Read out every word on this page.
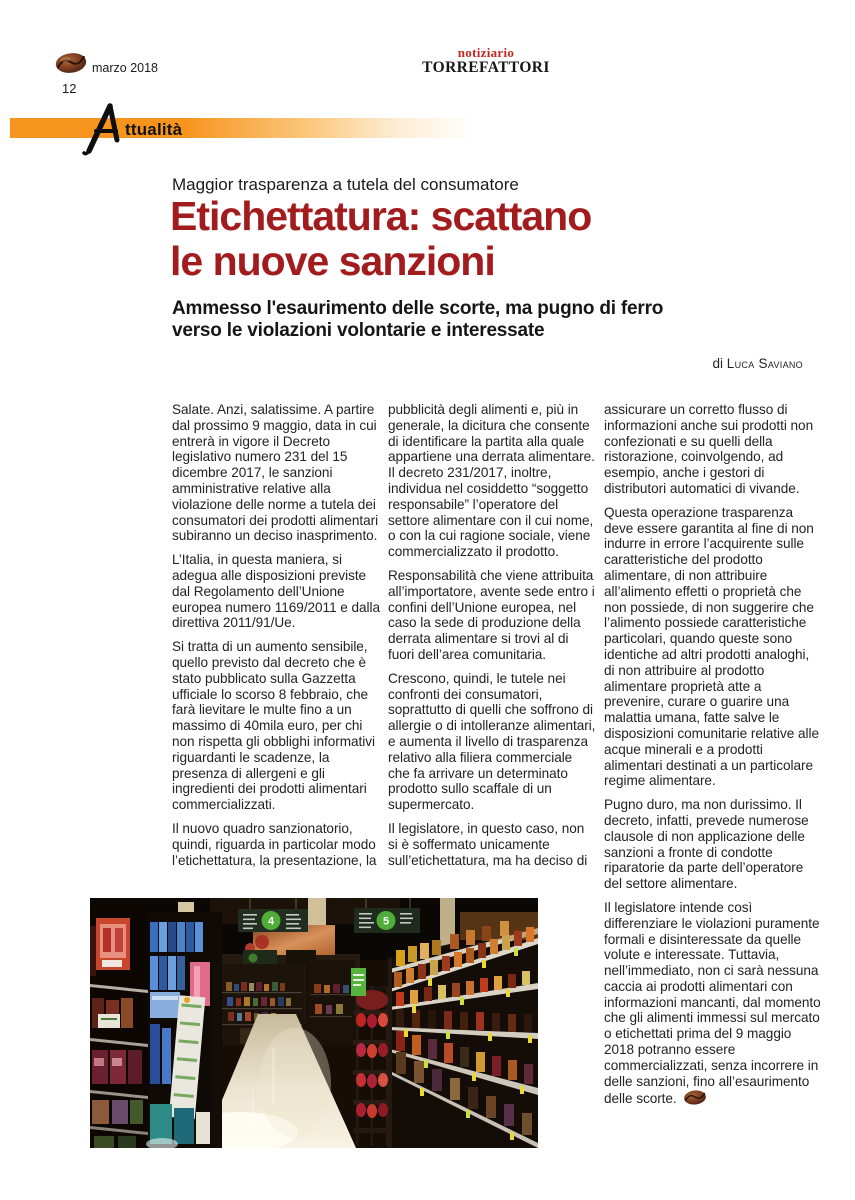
marzo 2018
12
notiziario
TORREFATTORI
ttualità
Maggior trasparenza a tutela del consumatore
Etichettatura: scattano
le nuove sanzioni
Ammesso l'esaurimento delle scorte, ma pugno di ferro
verso le violazioni volontarie e interessate
di Luca Saviano

Salate. Anzi, salatissime. A partire dal prossimo 9 maggio, data in cui entrerà in vigore il Decreto legislativo numero 231 del 15 dicembre 2017, le sanzioni amministrative relative alla violazione delle norme a tutela dei consumatori dei prodotti alimentari subiranno un deciso inasprimento.

L’Italia, in questa maniera, si adegua alle disposizioni previste dal Regolamento dell’Unione europea numero 1169/2011 e dalla direttiva 2011/91/Ue.

Si tratta di un aumento sensibile, quello previsto dal decreto che è stato pubblicato sulla Gazzetta ufficiale lo scorso 8 febbraio, che farà lievitare le multe fino a un massimo di 40mila euro, per chi non rispetta gli obblighi informativi riguardanti le scadenze, la presenza di allergeni e gli ingredienti dei prodotti alimentari commercializzati.

Il nuovo quadro sanzionatorio, quindi, riguarda in particolar modo l’etichettatura, la presentazione, la

pubblicità degli alimenti e, più in generale, la dicitura che consente di identificare la partita alla quale appartiene una derrata alimentare. Il decreto 231/2017, inoltre, individua nel cosiddetto “soggetto responsabile” l’operatore del settore alimentare con il cui nome, o con la cui ragione sociale, viene commercializzato il prodotto.

Responsabilità che viene attribuita all’importatore, avente sede entro i confini dell’Unione europea, nel caso la sede di produzione della derrata alimentare si trovi al di fuori dell’area comunitaria.

Crescono, quindi, le tutele nei confronti dei consumatori, soprattutto di quelli che soffrono di allergie o di intolleranze alimentari, e aumenta il livello di trasparenza relativo alla filiera commerciale che fa arrivare un determinato prodotto sullo scaffale di un supermercato.

Il legislatore, in questo caso, non si è soffermato unicamente sull’etichettatura, ma ha deciso di

assicurare un corretto flusso di informazioni anche sui prodotti non confezionati e su quelli della ristorazione, coinvolgendo, ad esempio, anche i gestori di distributori automatici di vivande.

Questa operazione trasparenza deve essere garantita al fine di non indurre in errore l’acquirente sulle caratteristiche del prodotto alimentare, di non attribuire all’alimento effetti o proprietà che non possiede, di non suggerire che l’alimento possiede caratteristiche particolari, quando queste sono identiche ad altri prodotti analoghi, di non attribuire al prodotto alimentare proprietà atte a prevenire, curare o guarire una malattia umana, fatte salve le disposizioni comunitarie relative alle acque minerali e a prodotti alimentari destinati a un particolare regime alimentare.

Pugno duro, ma non durissimo. Il decreto, infatti, prevede numerose clausole di non applicazione delle sanzioni a fronte di condotte riparatorie da parte dell’operatore del settore alimentare.

Il legislatore intende così differenziare le violazioni puramente formali e disinteressate da quelle volute e interessate. Tuttavia, nell’immediato, non ci sarà nessuna caccia ai prodotti alimentari con informazioni mancanti, dal momento che gli alimenti immessi sul mercato o etichettati prima del 9 maggio 2018 potranno essere commercializzati, senza incorrere in delle sanzioni, fino all’esaurimento delle scorte.

4	5
